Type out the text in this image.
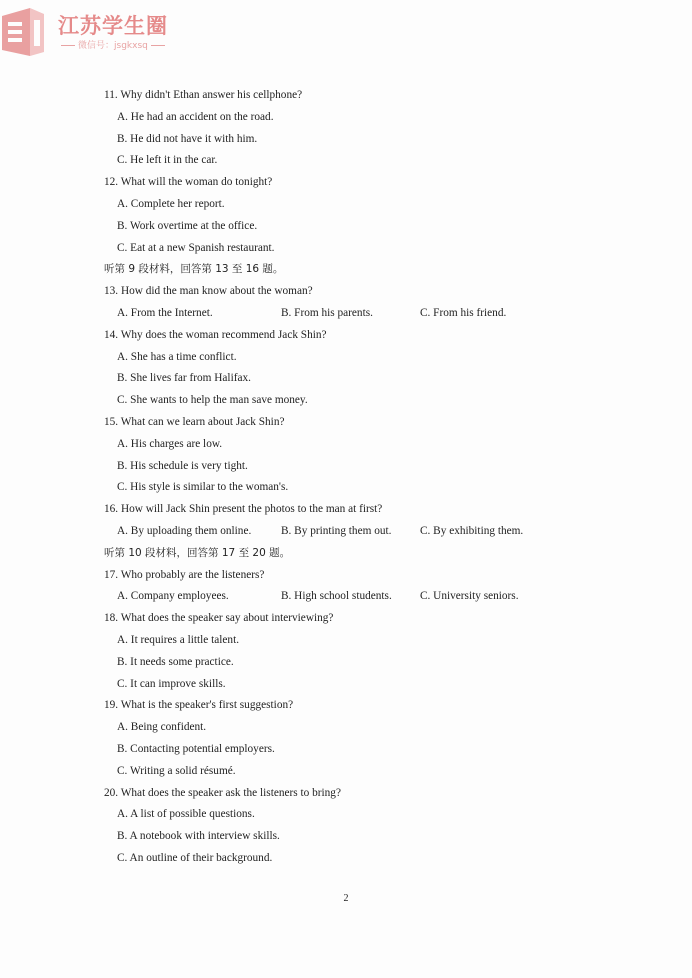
江苏学生圈
微信号：jsgkxsq
11. Why didn't Ethan answer his cellphone?
A. He had an accident on the road.
B. He did not have it with him.
C. He left it in the car.
12. What will the woman do tonight?
A. Complete her report.
B. Work overtime at the office.
C. Eat at a new Spanish restaurant.
听第 9 段材料，回答第 13 至 16 题。
13. How did the man know about the woman?
A. From the Internet.	B. From his parents.	C. From his friend.
14. Why does the woman recommend Jack Shin?
A. She has a time conflict.
B. She lives far from Halifax.
C. She wants to help the man save money.
15. What can we learn about Jack Shin?
A. His charges are low.
B. His schedule is very tight.
C. His style is similar to the woman's.
16. How will Jack Shin present the photos to the man at first?
A. By uploading them online.	B. By printing them out.	C. By exhibiting them.
听第 10 段材料，回答第 17 至 20 题。
17. Who probably are the listeners?
A. Company employees.	B. High school students. C. University seniors.
18. What does the speaker say about interviewing?
A. It requires a little talent.
B. It needs some practice.
C. It can improve skills.
19. What is the speaker's first suggestion?
A. Being confident.
B. Contacting potential employers.
C. Writing a solid résumé.
20. What does the speaker ask the listeners to bring?
A. A list of possible questions.
B. A notebook with interview skills.
C. An outline of their background.
2
